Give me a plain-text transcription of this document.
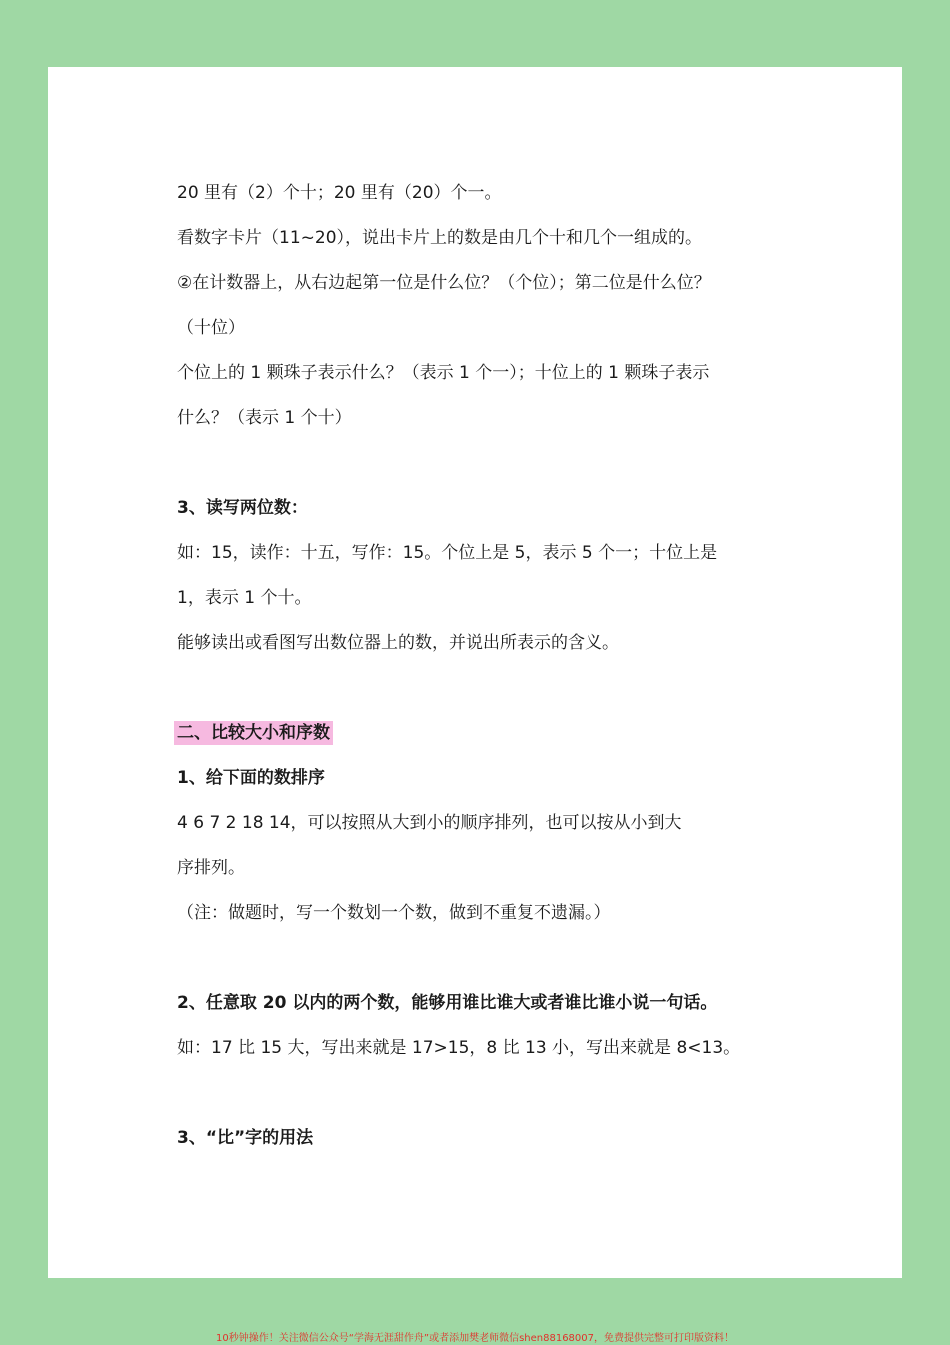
20 里有（2）个十；20 里有（20）个一。
看数字卡片（11~20），说出卡片上的数是由几个十和几个一组成的。
②在计数器上，从右边起第一位是什么位？（个位）；第二位是什么位？
（十位）
个位上的 1 颗珠子表示什么？（表示 1 个一）；十位上的 1 颗珠子表示
什么？（表示 1 个十）
3、读写两位数：
如：15，读作：十五，写作：15。个位上是 5，表示 5 个一；十位上是
1，表示 1 个十。
能够读出或看图写出数位器上的数，并说出所表示的含义。
二、比较大小和序数
1、给下面的数排序
4 6 7 2 18 14，可以按照从大到小的顺序排列，也可以按从小到大
序排列。
（注：做题时，写一个数划一个数，做到不重复不遗漏。）
2、任意取 20 以内的两个数，能够用谁比谁大或者谁比谁小说一句话。
如：17 比 15 大，写出来就是 17>15，8 比 13 小，写出来就是 8<13。
3、“比”字的用法
10秒钟操作！关注微信公众号“学海无涯甜作舟”或者添加樊老师微信shen88168007，免费提供完整可打印版资料！
